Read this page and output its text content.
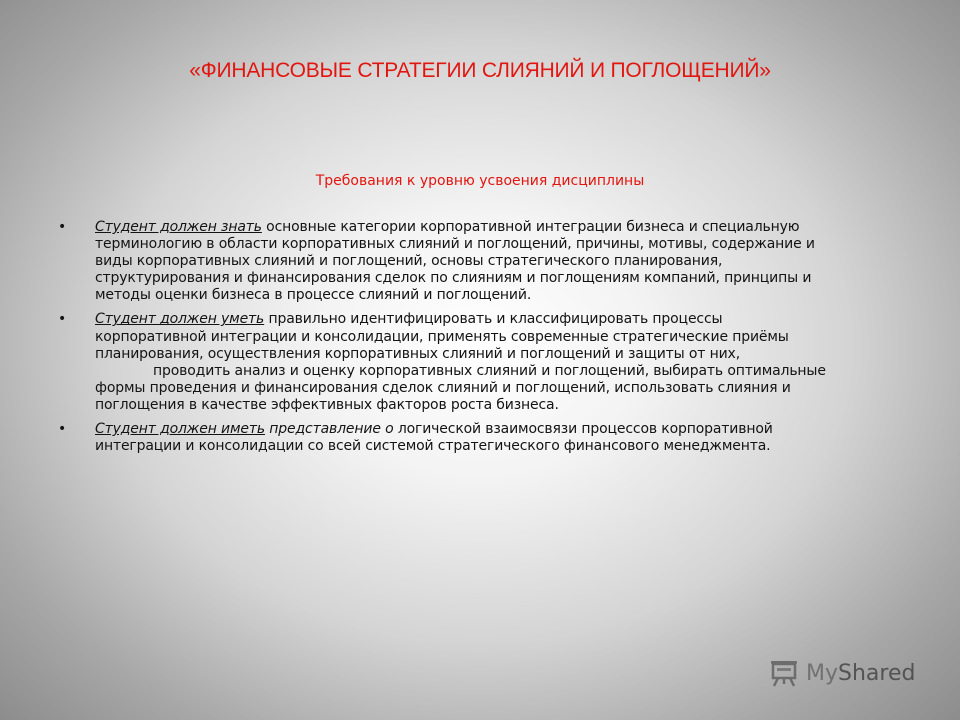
«ФИНАНСОВЫЕ СТРАТЕГИИ СЛИЯНИЙ И ПОГЛОЩЕНИЙ»
Требования к уровню усвоения дисциплины
• Студент должен знать основные категории корпоративной интеграции бизнеса и специальную
терминологию в области корпоративных слияний и поглощений, причины, мотивы, содержание и
виды корпоративных слияний и поглощений, основы стратегического планирования,
структурирования и финансирования сделок по слияниям и поглощениям компаний, принципы и
методы оценки бизнеса в процессе слияний и поглощений.
• Студент должен уметь правильно идентифицировать и классифицировать процессы
корпоративной интеграции и консолидации, применять современные стратегические приёмы
планирования, осуществления корпоративных слияний и поглощений и защиты от них,
проводить анализ и оценку корпоративных слияний и поглощений, выбирать оптимальные
формы проведения и финансирования сделок слияний и поглощений, использовать слияния и
поглощения в качестве эффективных факторов роста бизнеса.
• Студент должен иметь представление о логической взаимосвязи процессов корпоративной
интеграции и консолидации со всей системой стратегического финансового менеджмента.
MyShared
